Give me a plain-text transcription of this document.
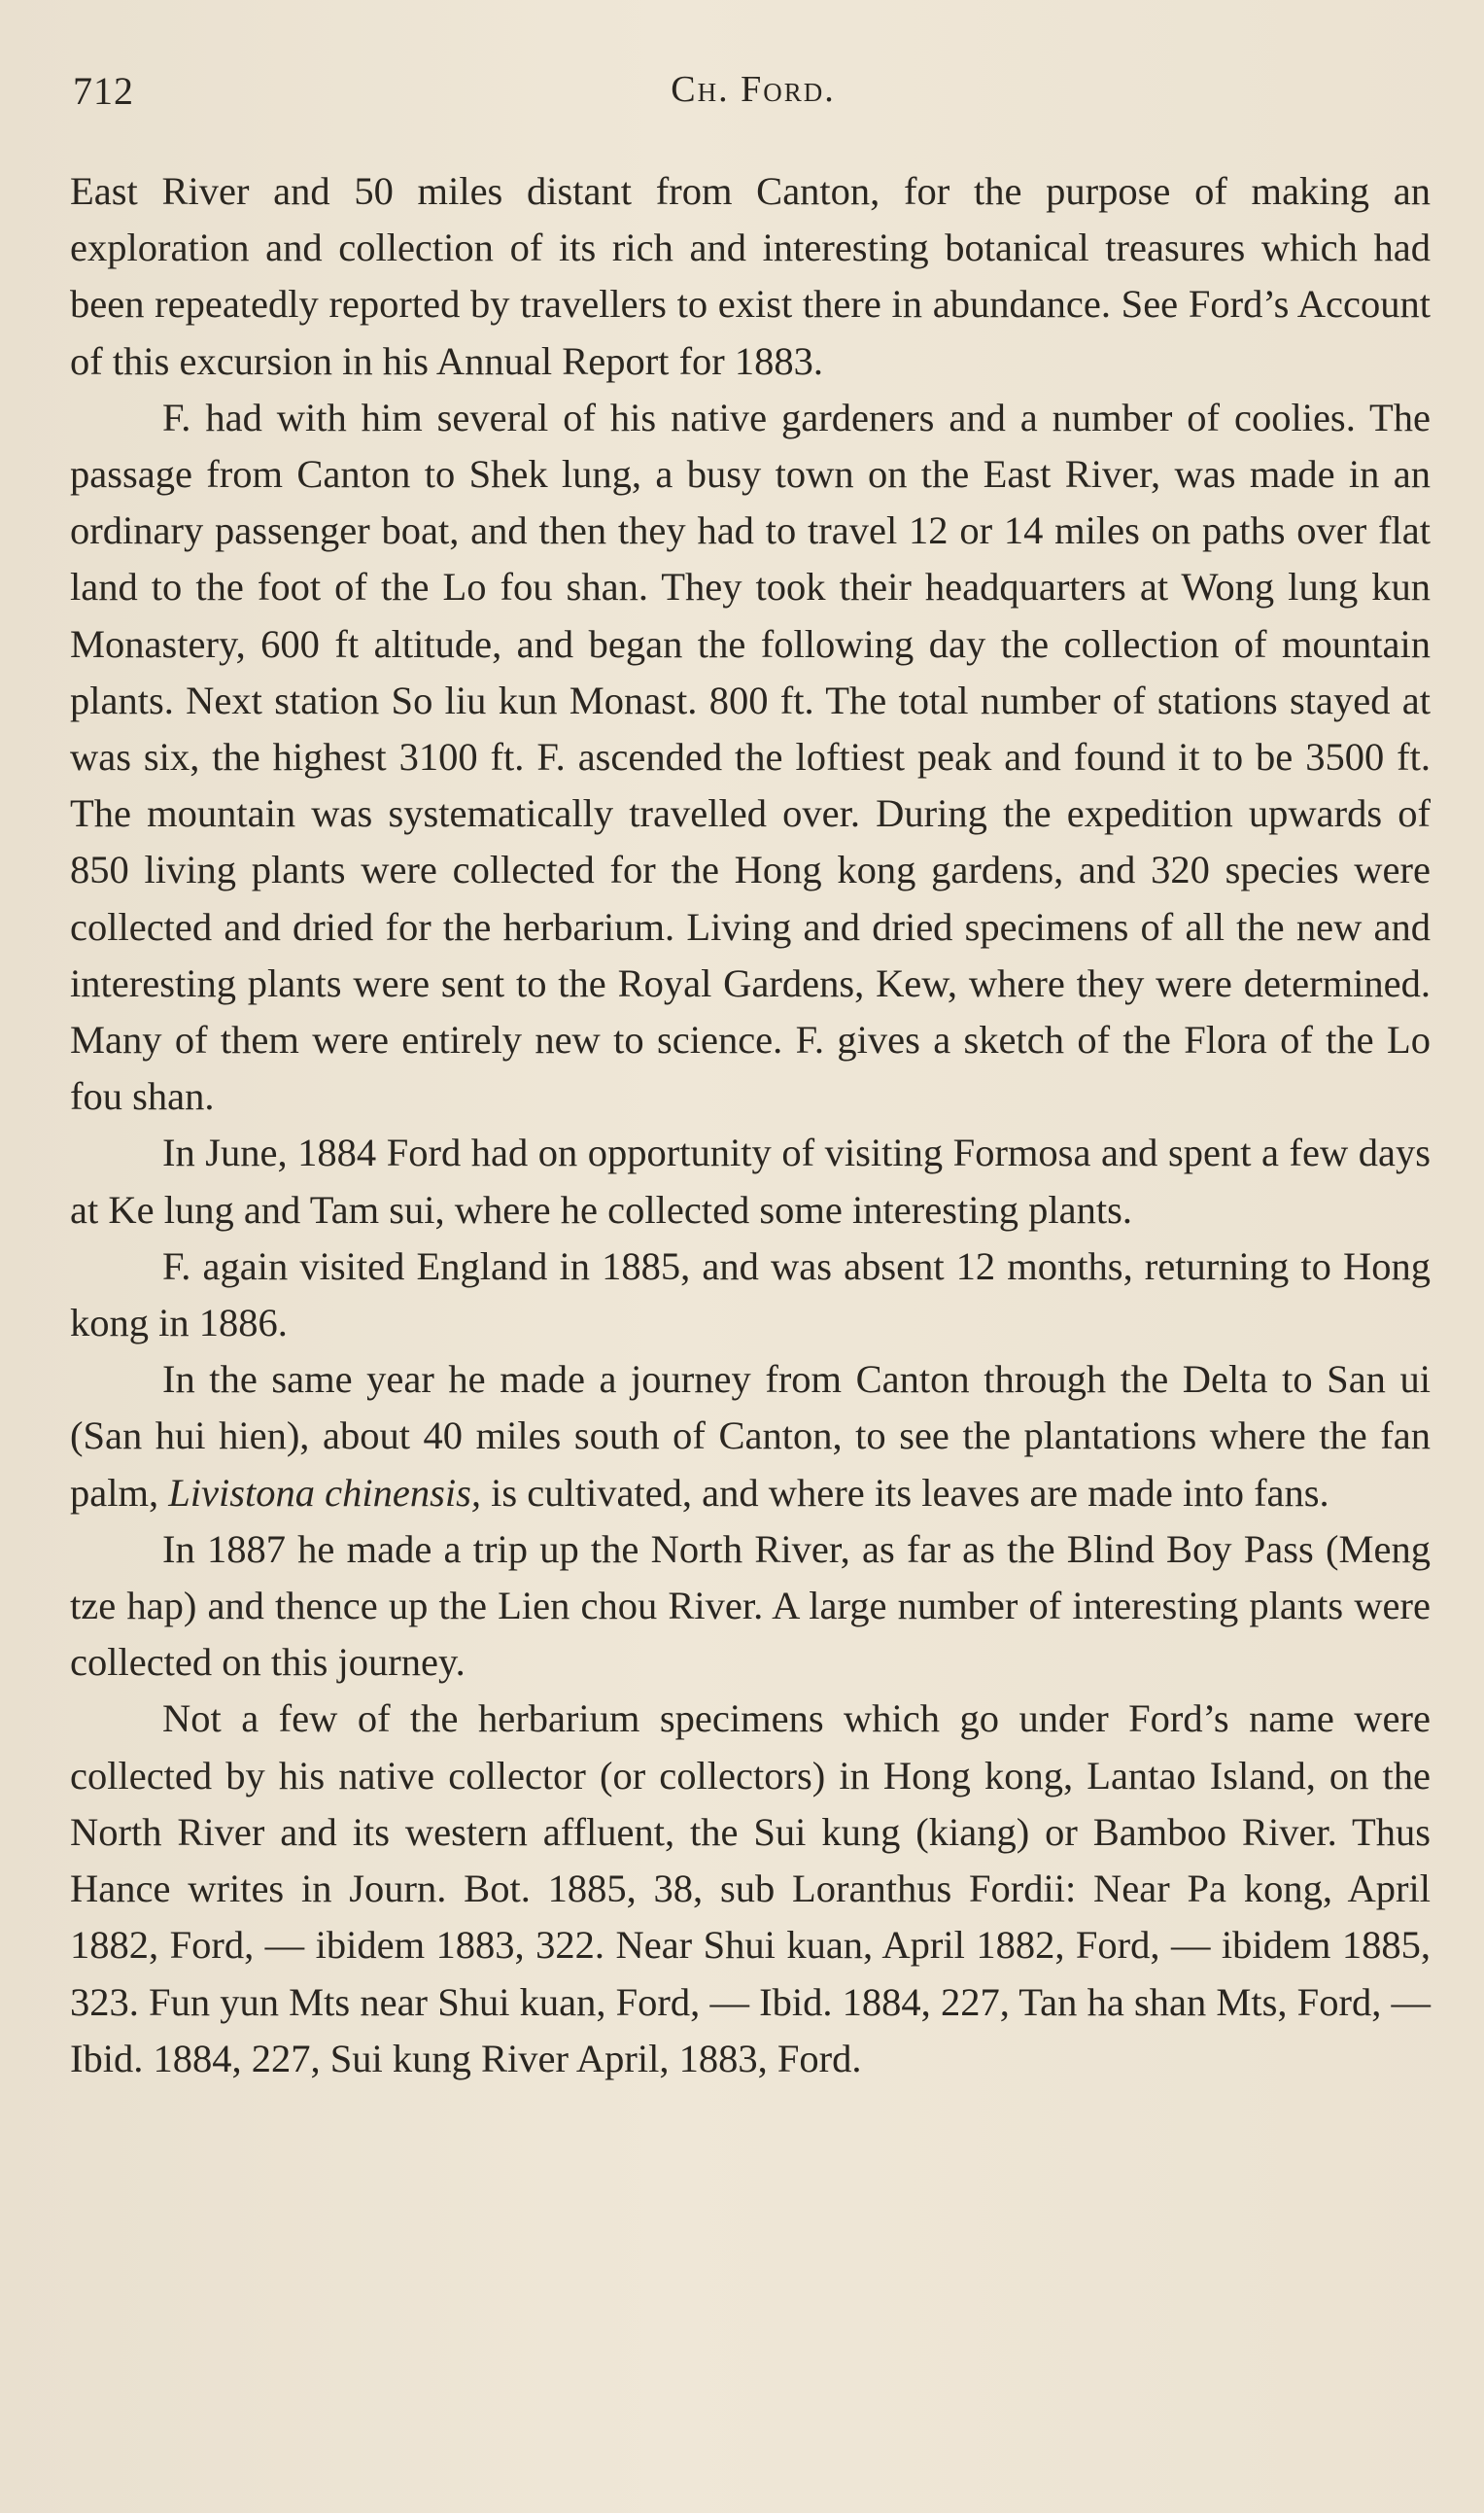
712	Ch. Ford.

East River and 50 miles distant from Canton, for the purpose of making an exploration and collection of its rich and interesting botanical treasures which had been repeatedly reported by travellers to exist there in abundance. See Ford’s Account of this excursion in his Annual Report for 1883.

F. had with him several of his native gardeners and a number of coolies. The passage from Canton to Shek lung, a busy town on the East River, was made in an ordinary passenger boat, and then they had to travel 12 or 14 miles on paths over flat land to the foot of the Lo fou shan. They took their headquarters at Wong lung kun Monastery, 600 ft altitude, and began the following day the collection of mountain plants. Next station So liu kun Monast. 800 ft. The total number of stations stayed at was six, the highest 3100 ft. F. ascended the loftiest peak and found it to be 3500 ft. The mountain was systematically travelled over. During the expedition upwards of 850 living plants were collected for the Hong kong gardens, and 320 species were collected and dried for the herbarium. Living and dried specimens of all the new and interesting plants were sent to the Royal Gardens, Kew, where they were determined. Many of them were entirely new to science. F. gives a sketch of the Flora of the Lo fou shan.

In June, 1884 Ford had on opportunity of visiting Formosa and spent a few days at Ke lung and Tam sui, where he collected some interesting plants.

F. again visited England in 1885, and was absent 12 months, returning to Hong kong in 1886.

In the same year he made a journey from Canton through the Delta to San ui (San hui hien), about 40 miles south of Canton, to see the plantations where the fan palm, Livistona chinensis, is cultivated, and where its leaves are made into fans.

In 1887 he made a trip up the North River, as far as the Blind Boy Pass (Meng tze hap) and thence up the Lien chou River. A large number of interesting plants were collected on this journey.

Not a few of the herbarium specimens which go under Ford’s name were collected by his native collector (or collectors) in Hong kong, Lantao Island, on the North River and its western affluent, the Sui kung (kiang) or Bamboo River. Thus Hance writes in Journ. Bot. 1885, 38, sub Loranthus Fordii: Near Pa kong, April 1882, Ford, — ibidem 1883, 322. Near Shui kuan, April 1882, Ford, — ibidem 1885, 323. Fun yun Mts near Shui kuan, Ford, — Ibid. 1884, 227, Tan ha shan Mts, Ford, — Ibid. 1884, 227, Sui kung River April, 1883, Ford.
